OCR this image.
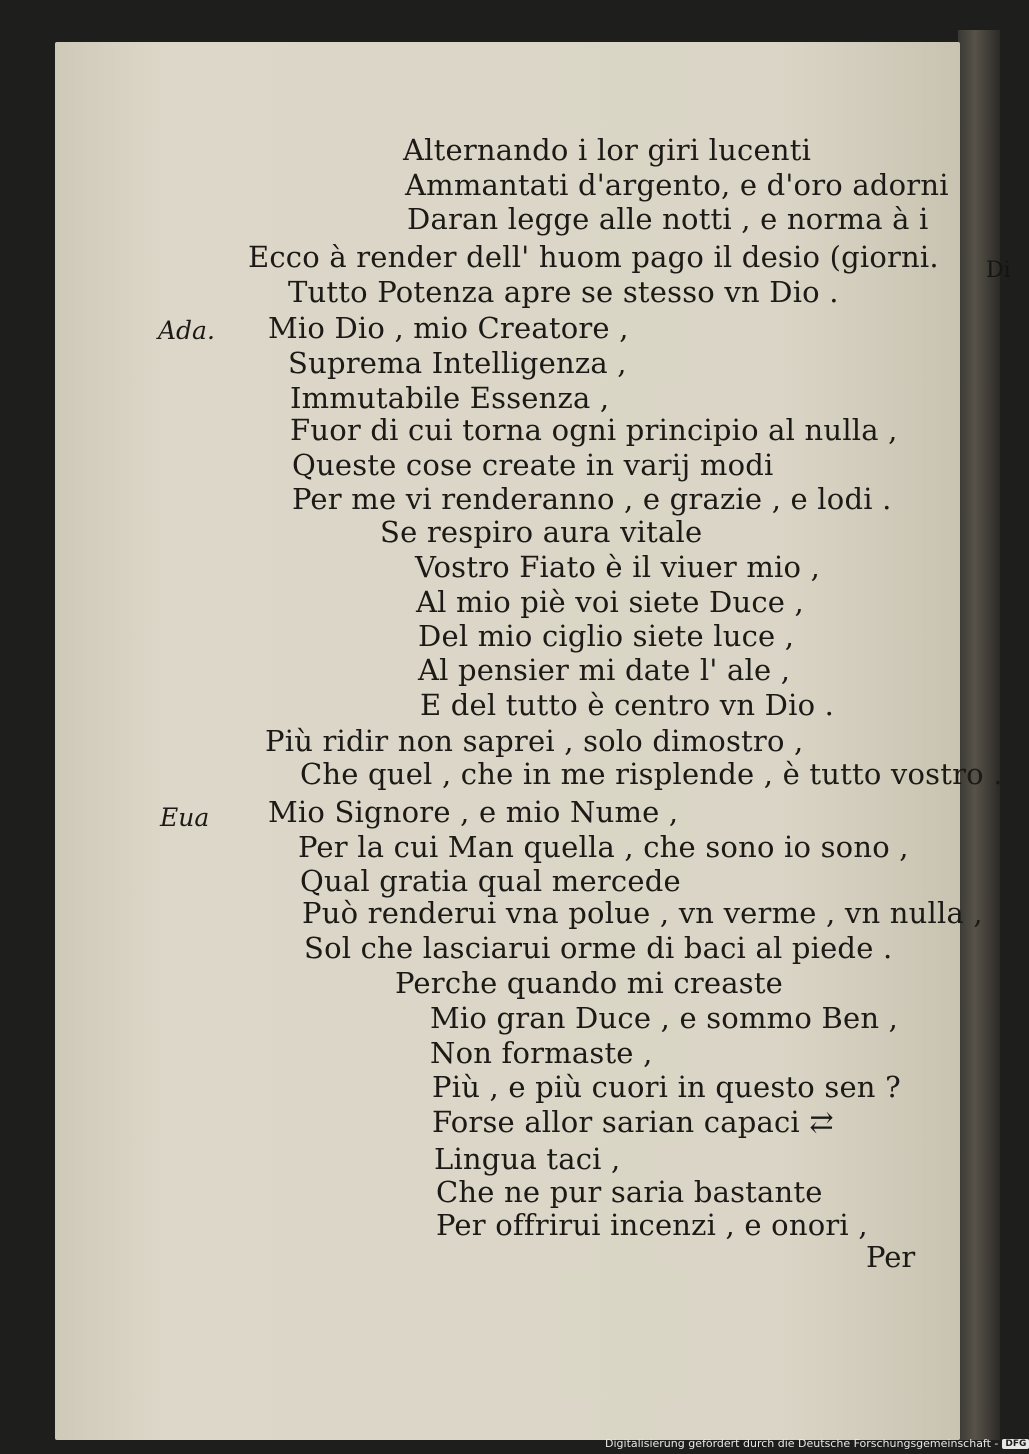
Di
Alternando i lor giri lucenti
Ammantati d'argento, e d'oro adorni
Daran legge alle notti , e norma à i
Ecco à render dell' huom pago il desio (giorni.
Tutto Potenza apre se stesso vn Dio .
Ada. Mio Dio , mio Creatore ,
Suprema Intelligenza ,
Immutabile Essenza ,
Fuor di cui torna ogni principio al nulla ,
Queste cose create in varij modi
Per me vi renderanno , e grazie , e lodi .
Se respiro aura vitale
Vostro Fiato è il viuer mio ,
Al mio piè voi siete Duce ,
Del mio ciglio siete luce ,
Al pensier mi date l' ale ,
E del tutto è centro vn Dio .
Più ridir non saprei , solo dimostro ,
Che quel , che in me risplende , è tutto vostro .
Eua Mio Signore , e mio Nume ,
Per la cui Man quella , che sono io sono ,
Qual gratia qual mercede
Può renderui vna polue , vn verme , vn nulla ,
Sol che lasciarui orme di baci al piede .
Perche quando mi creaste
Mio gran Duce , e sommo Ben ,
Non formaste ,
Più , e più cuori in questo sen ?
Forse allor sarian capaci ⇄
Lingua taci ,
Che ne pur saria bastante
Per offrirui incenzi , e onori ,
Per
Digitalisierung gefördert durch die Deutsche Forschungsgemeinschaft - DFG
